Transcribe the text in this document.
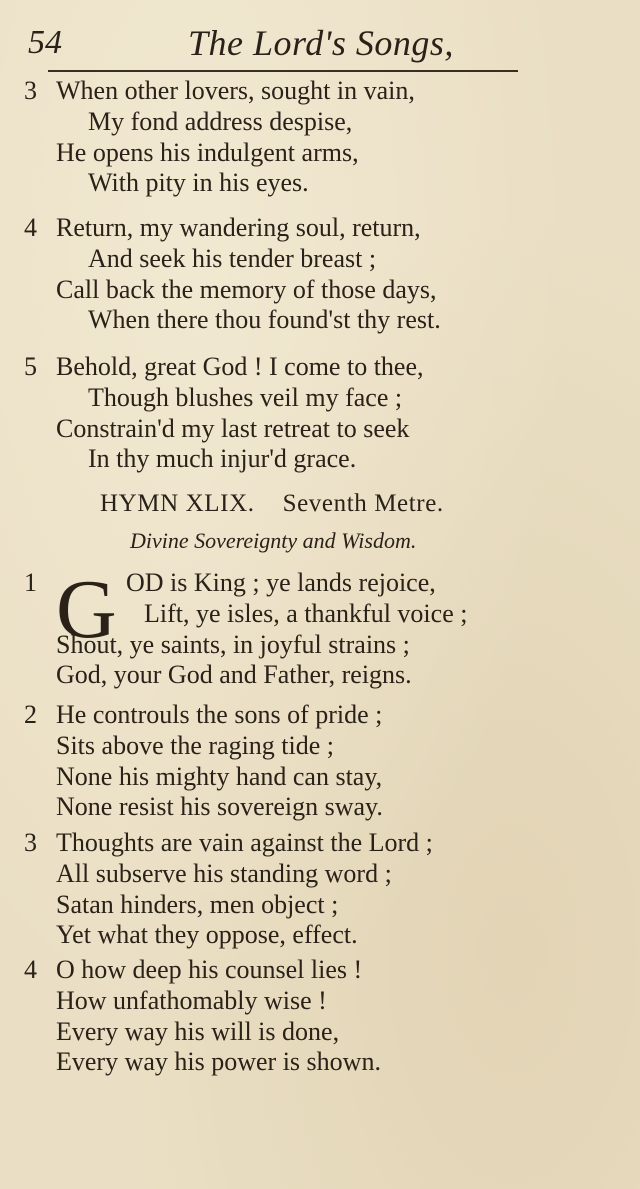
54	The Lord's Songs,
3 When other lovers, sought in vain,
My fond address despise,
He opens his indulgent arms,
With pity in his eyes.
4 Return, my wandering soul, return,
And seek his tender breast ;
Call back the memory of those days,
When there thou found'st thy rest.
5 Behold, great God ! I come to thee,
Though blushes veil my face ;
Constrain'd my last retreat to seek
In thy much injur'd grace.
HYMN XLIX. Seventh Metre.
Divine Sovereignty and Wisdom.
1	OD is King ; ye lands rejoice,
Lift, ye isles, a thankful voice ;
Shout, ye saints, in joyful strains ;
God, your God and Father, reigns.
G
2 He controuls the sons of pride ;
Sits above the raging tide ;
None his mighty hand can stay,
None resist his sovereign sway.
3 Thoughts are vain against the Lord ;
All subserve his standing word ;
Satan hinders, men object ;
Yet what they oppose, effect.
4 O how deep his counsel lies !
How unfathomably wise !
Every way his will is done,
Every way his power is shown.
